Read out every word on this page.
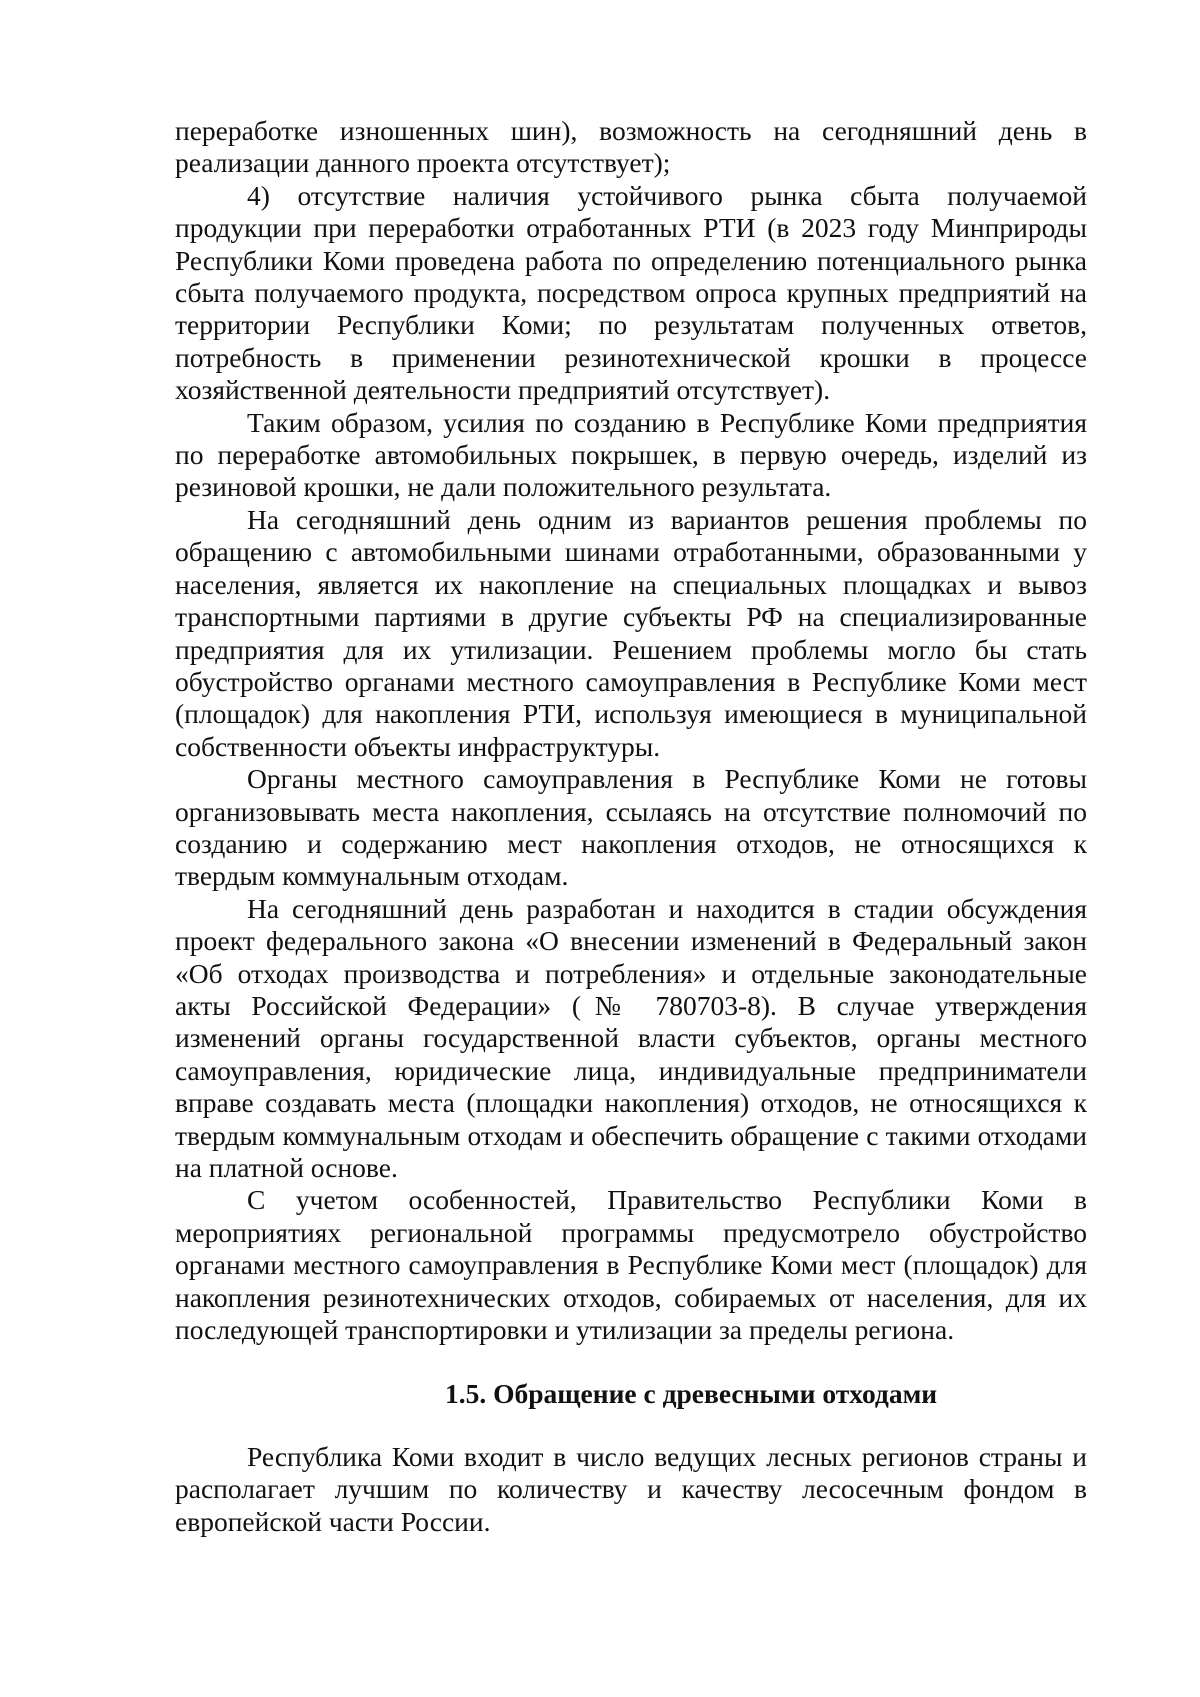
переработке изношенных шин), возможность на сегодняшний день в реализации данного проекта отсутствует);

4) отсутствие наличия устойчивого рынка сбыта получаемой продукции при переработки отработанных РТИ (в 2023 году Минприроды Республики Коми проведена работа по определению потенциального рынка сбыта получаемого продукта, посредством опроса крупных предприятий на территории Республики Коми; по результатам полученных ответов, потребность в применении резинотехнической крошки в процессе хозяйственной деятельности предприятий отсутствует).

Таким образом, усилия по созданию в Республике Коми предприятия по переработке автомобильных покрышек, в первую очередь, изделий из резиновой крошки, не дали положительного результата.

На сегодняшний день одним из вариантов решения проблемы по обращению с автомобильными шинами отработанными, образованными у населения, является их накопление на специальных площадках и вывоз транспортными партиями в другие субъекты РФ на специализированные предприятия для их утилизации. Решением проблемы могло бы стать обустройство органами местного самоуправления в Республике Коми мест (площадок) для накопления РТИ, используя имеющиеся в муниципальной собственности объекты инфраструктуры.

Органы местного самоуправления в Республике Коми не готовы организовывать места накопления, ссылаясь на отсутствие полномочий по созданию и содержанию мест накопления отходов, не относящихся к твердым коммунальным отходам.

На сегодняшний день разработан и находится в стадии обсуждения проект федерального закона «О внесении изменений в Федеральный закон «Об отходах производства и потребления» и отдельные законодательные акты Российской Федерации» (№ 780703-8). В случае утверждения изменений органы государственной власти субъектов, органы местного самоуправления, юридические лица, индивидуальные предприниматели вправе создавать места (площадки накопления) отходов, не относящихся к твердым коммунальным отходам и обеспечить обращение с такими отходами на платной основе.

С учетом особенностей, Правительство Республики Коми в мероприятиях региональной программы предусмотрело обустройство органами местного самоуправления в Республике Коми мест (площадок) для накопления резинотехнических отходов, собираемых от населения, для их последующей транспортировки и утилизации за пределы региона.

1.5. Обращение с древесными отходами

Республика Коми входит в число ведущих лесных регионов страны и располагает лучшим по количеству и качеству лесосечным фондом в европейской части России.
